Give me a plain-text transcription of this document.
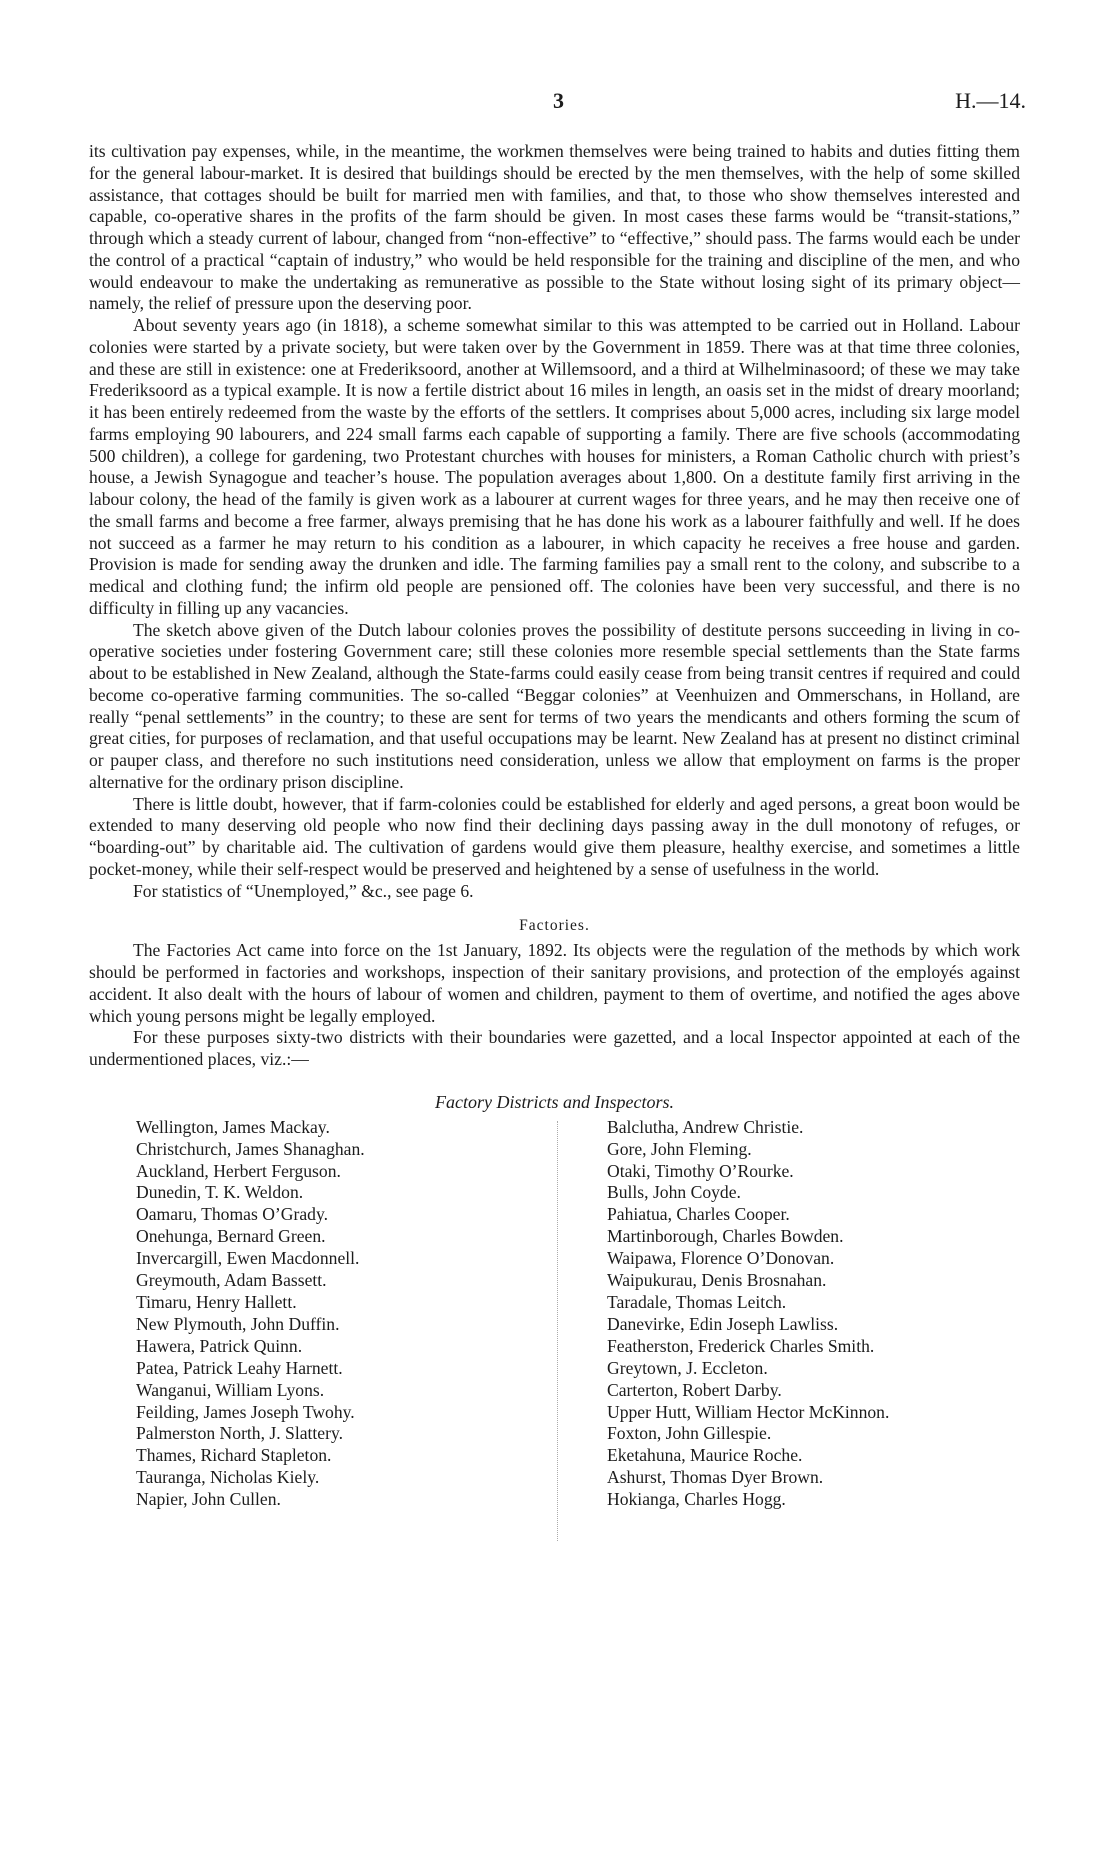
3	H.—14.

its cultivation pay expenses, while, in the meantime, the workmen themselves were being trained to habits and duties fitting them for the general labour-market. It is desired that buildings should be erected by the men themselves, with the help of some skilled assistance, that cottages should be built for married men with families, and that, to those who show themselves interested and capable, co-operative shares in the profits of the farm should be given. In most cases these farms would be “transit-stations,” through which a steady current of labour, changed from “non-effective” to “effective,” should pass. The farms would each be under the control of a practical “captain of industry,” who would be held responsible for the training and discipline of the men, and who would endeavour to make the undertaking as remunerative as possible to the State without losing sight of its primary object—namely, the relief of pressure upon the deserving poor.

About seventy years ago (in 1818), a scheme somewhat similar to this was attempted to be carried out in Holland. Labour colonies were started by a private society, but were taken over by the Government in 1859. There was at that time three colonies, and these are still in existence: one at Frederiksoord, another at Willemsoord, and a third at Wilhelminasoord; of these we may take Frederiksoord as a typical example. It is now a fertile district about 16 miles in length, an oasis set in the midst of dreary moorland; it has been entirely redeemed from the waste by the efforts of the settlers. It comprises about 5,000 acres, including six large model farms employing 90 labourers, and 224 small farms each capable of supporting a family. There are five schools (accommodating 500 children), a college for gardening, two Protestant churches with houses for ministers, a Roman Catholic church with priest’s house, a Jewish Synagogue and teacher’s house. The population averages about 1,800. On a destitute family first arriving in the labour colony, the head of the family is given work as a labourer at current wages for three years, and he may then receive one of the small farms and become a free farmer, always premising that he has done his work as a labourer faithfully and well. If he does not succeed as a farmer he may return to his condition as a labourer, in which capacity he receives a free house and garden. Provision is made for sending away the drunken and idle. The farming families pay a small rent to the colony, and subscribe to a medical and clothing fund; the infirm old people are pensioned off. The colonies have been very successful, and there is no difficulty in filling up any vacancies.

The sketch above given of the Dutch labour colonies proves the possibility of destitute persons succeeding in living in co-operative societies under fostering Government care; still these colonies more resemble special settlements than the State farms about to be established in New Zealand, although the State-farms could easily cease from being transit centres if required and could become co-operative farming communities. The so-called “Beggar colonies” at Veenhuizen and Ommerschans, in Holland, are really “penal settlements” in the country; to these are sent for terms of two years the mendicants and others forming the scum of great cities, for purposes of reclamation, and that useful occupations may be learnt. New Zealand has at present no distinct criminal or pauper class, and therefore no such institutions need consideration, unless we allow that employment on farms is the proper alternative for the ordinary prison discipline.

There is little doubt, however, that if farm-colonies could be established for elderly and aged persons, a great boon would be extended to many deserving old people who now find their declining days passing away in the dull monotony of refuges, or “boarding-out” by charitable aid. The cultivation of gardens would give them pleasure, healthy exercise, and sometimes a little pocket-money, while their self-respect would be preserved and heightened by a sense of usefulness in the world.

For statistics of “Unemployed,” &c., see page 6.

Factories.

The Factories Act came into force on the 1st January, 1892. Its objects were the regulation of the methods by which work should be performed in factories and workshops, inspection of their sanitary provisions, and protection of the employés against accident. It also dealt with the hours of labour of women and children, payment to them of overtime, and notified the ages above which young persons might be legally employed.

For these purposes sixty-two districts with their boundaries were gazetted, and a local Inspector appointed at each of the undermentioned places, viz.:—

Factory Districts and Inspectors.
Wellington, James Mackay.
Christchurch, James Shanaghan.
Auckland, Herbert Ferguson.
Dunedin, T. K. Weldon.
Oamaru, Thomas O’Grady.
Onehunga, Bernard Green.
Invercargill, Ewen Macdonnell.
Greymouth, Adam Bassett.
Timaru, Henry Hallett.
New Plymouth, John Duffin.
Hawera, Patrick Quinn.
Patea, Patrick Leahy Harnett.
Wanganui, William Lyons.
Feilding, James Joseph Twohy.
Palmerston North, J. Slattery.
Thames, Richard Stapleton.
Tauranga, Nicholas Kiely.
Napier, John Cullen.
Balclutha, Andrew Christie.
Gore, John Fleming.
Otaki, Timothy O’Rourke.
Bulls, John Coyde.
Pahiatua, Charles Cooper.
Martinborough, Charles Bowden.
Waipawa, Florence O’Donovan.
Waipukurau, Denis Brosnahan.
Taradale, Thomas Leitch.
Danevirke, Edin Joseph Lawliss.
Featherston, Frederick Charles Smith.
Greytown, J. Eccleton.
Carterton, Robert Darby.
Upper Hutt, William Hector McKinnon.
Foxton, John Gillespie.
Eketahuna, Maurice Roche.
Ashurst, Thomas Dyer Brown.
Hokianga, Charles Hogg.
